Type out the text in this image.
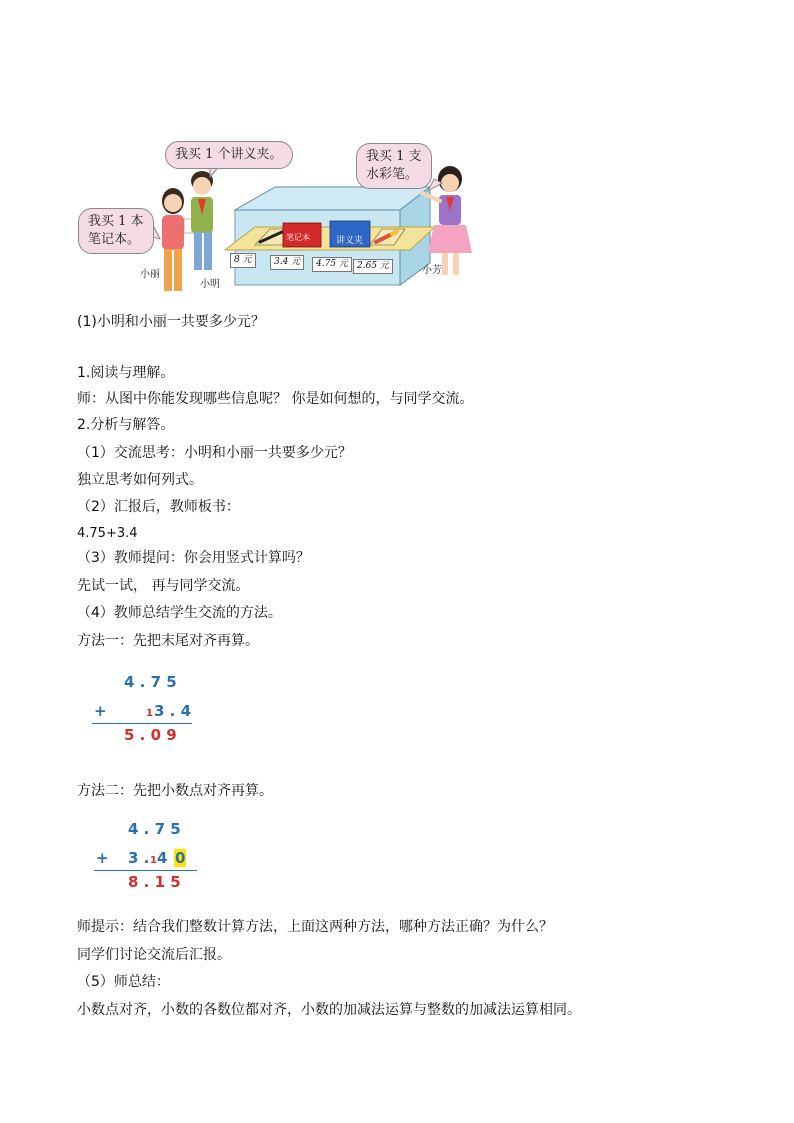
我买 1 个讲义夹。
我买 1 本
笔记本。
我买 1 支
水彩笔。
笔记本	讲义夹
8 元	3.4 元	4.75 元	2.65 元
小丽
小明
小芳
(1)小明和小丽一共要多少元？
1.阅读与理解。
师：从图中你能发现哪些信息呢？ 你是如何想的，与同学交流。
2.分析与解答。
（1）交流思考：小明和小丽一共要多少元？
独立思考如何列式。
（2）汇报后，教师板书：
4.75+3.4
（3）教师提问：你会用竖式计算吗？
先试一试， 再与同学交流。
（4）教师总结学生交流的方法。
方法一：先把末尾对齐再算。
4 . 7 5
+	1 3 . 4
5 . 0 9
方法二：先把小数点对齐再算。
4 . 7 5
+ 3 . 1 4 0
8 . 1 5
师提示：结合我们整数计算方法，上面这两种方法，哪种方法正确？为什么？
同学们讨论交流后汇报。
（5）师总结：
小数点对齐，小数的各数位都对齐，小数的加减法运算与整数的加减法运算相同。
